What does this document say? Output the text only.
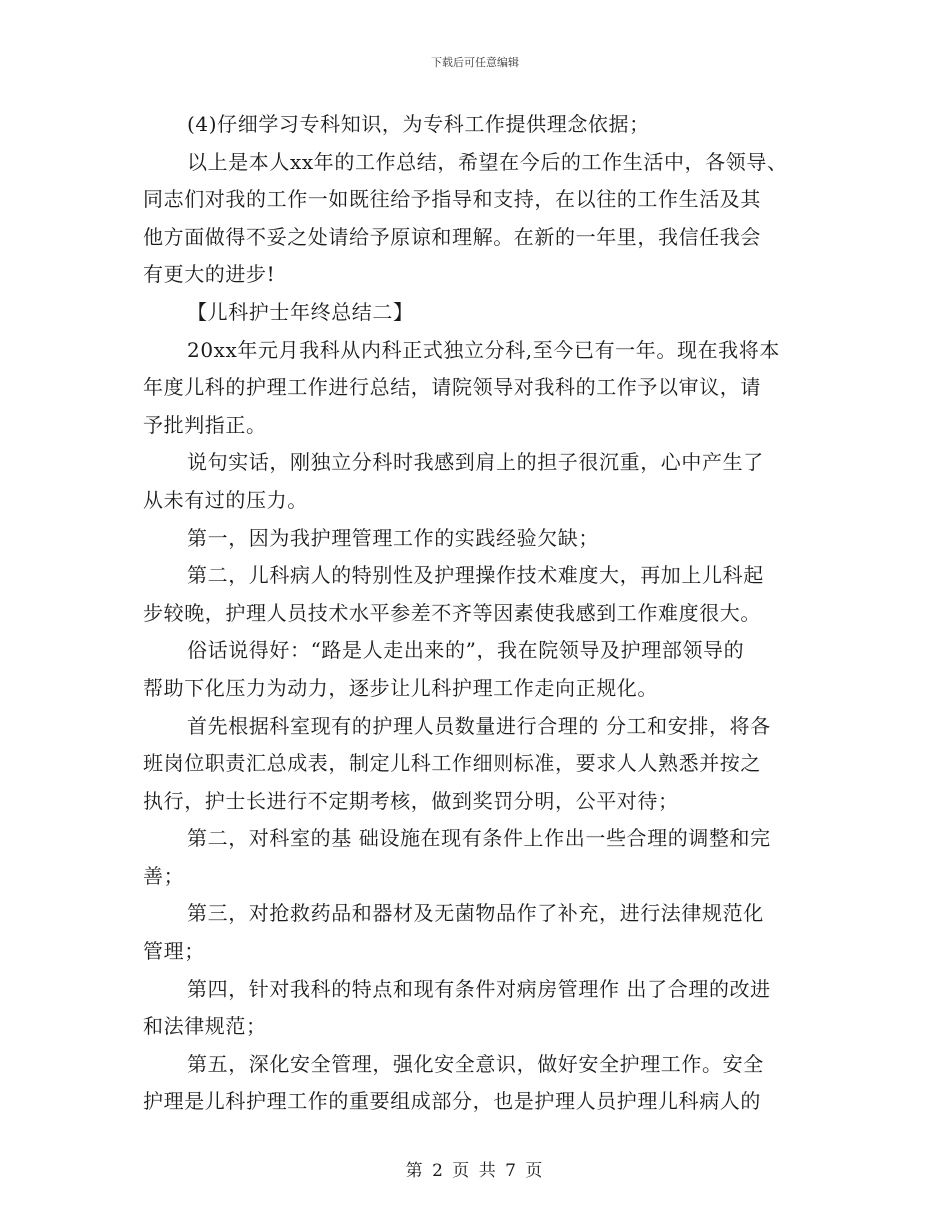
下载后可任意编辑
(4)仔细学习专科知识，为专科工作提供理念依据；
以上是本人xx年的工作总结，希望在今后的工作生活中，各领导、
同志们对我的工作一如既往给予指导和支持，在以往的工作生活及其
他方面做得不妥之处请给予原谅和理解。在新的一年里，我信任我会
有更大的进步!
【儿科护士年终总结二】
20xx年元月我科从内科正式独立分科,至今已有一年。现在我将本
年度儿科的护理工作进行总结，请院领导对我科的工作予以审议，请
予批判指正。
说句实话，刚独立分科时我感到肩上的担子很沉重，心中产生了
从未有过的压力。
第一，因为我护理管理工作的实践经验欠缺；
第二，儿科病人的特别性及护理操作技术难度大，再加上儿科起
步较晚，护理人员技术水平参差不齐等因素使我感到工作难度很大。
俗话说得好：“路是人走出来的”，我在院领导及护理部领导的
帮助下化压力为动力，逐步让儿科护理工作走向正规化。
首先根据科室现有的护理人员数量进行合理的 分工和安排，将各
班岗位职责汇总成表，制定儿科工作细则标准，要求人人熟悉并按之
执行，护士长进行不定期考核，做到奖罚分明，公平对待；
第二，对科室的基 础设施在现有条件上作出一些合理的调整和完
善；
第三，对抢救药品和器材及无菌物品作了补充，进行法律规范化
管理；
第四，针对我科的特点和现有条件对病房管理作 出了合理的改进
和法律规范；
第五，深化安全管理，强化安全意识，做好安全护理工作。安全
护理是儿科护理工作的重要组成部分，也是护理人员护理儿科病人的
第 2 页 共 7 页
